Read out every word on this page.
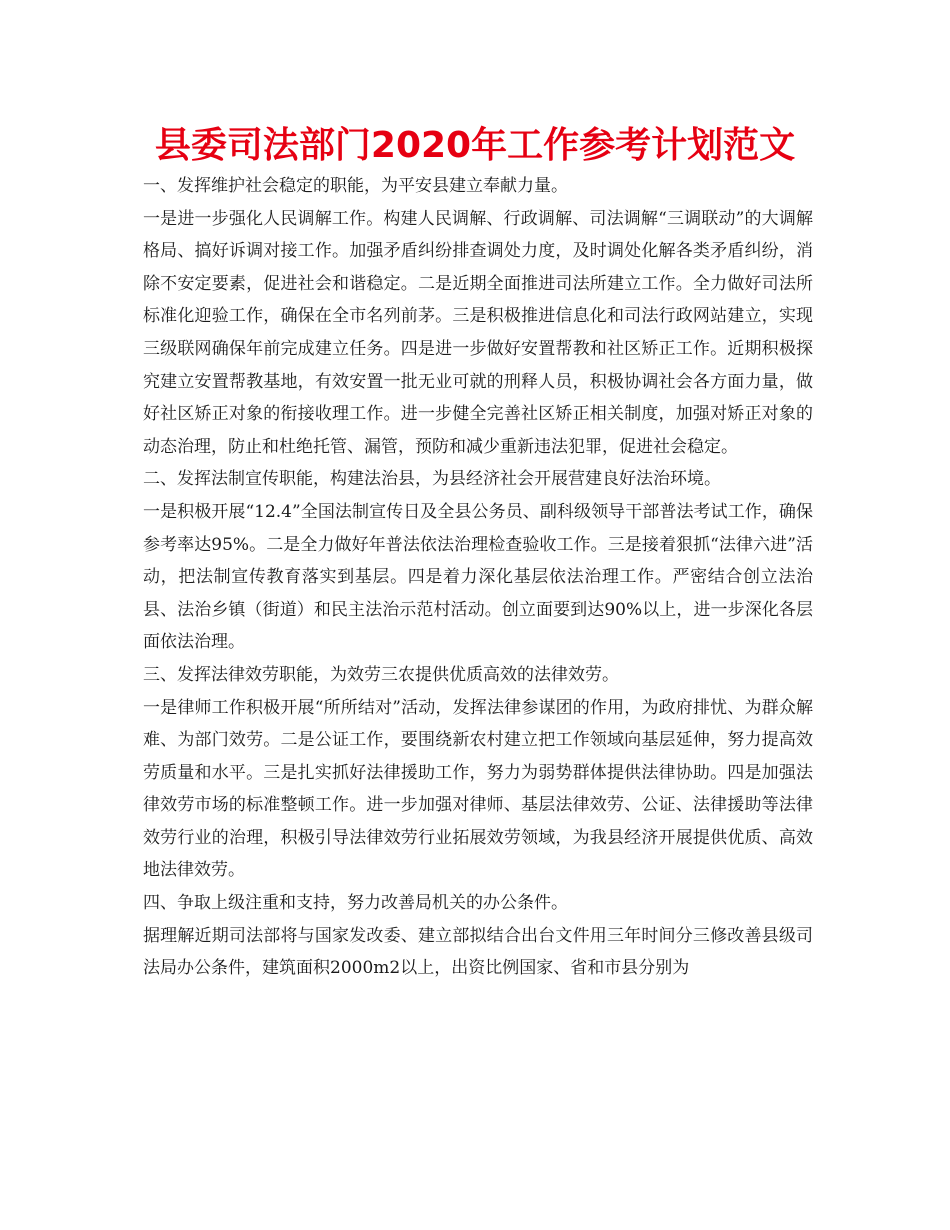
县委司法部门2020年工作参考计划范文

一、发挥维护社会稳定的职能，为平安县建立奉献力量。

一是进一步强化人民调解工作。构建人民调解、行政调解、司法调解“三调联动”的大调解格局、搞好诉调对接工作。加强矛盾纠纷排查调处力度，及时调处化解各类矛盾纠纷，消除不安定要素，促进社会和谐稳定。二是近期全面推进司法所建立工作。全力做好司法所标准化迎验工作，确保在全市名列前茅。三是积极推进信息化和司法行政网站建立，实现三级联网确保年前完成建立任务。四是进一步做好安置帮教和社区矫正工作。近期积极探究建立安置帮教基地，有效安置一批无业可就的刑释人员，积极协调社会各方面力量，做好社区矫正对象的衔接收理工作。进一步健全完善社区矫正相关制度，加强对矫正对象的动态治理，防止和杜绝托管、漏管，预防和减少重新违法犯罪，促进社会稳定。

二、发挥法制宣传职能，构建法治县，为县经济社会开展营建良好法治环境。

一是积极开展“12.4”全国法制宣传日及全县公务员、副科级领导干部普法考试工作，确保参考率达95%。二是全力做好年普法依法治理检查验收工作。三是接着狠抓“法律六进”活动，把法制宣传教育落实到基层。四是着力深化基层依法治理工作。严密结合创立法治县、法治乡镇（街道）和民主法治示范村活动。创立面要到达90%以上，进一步深化各层面依法治理。

三、发挥法律效劳职能，为效劳三农提供优质高效的法律效劳。

一是律师工作积极开展“所所结对”活动，发挥法律参谋团的作用，为政府排忧、为群众解难、为部门效劳。二是公证工作，要围绕新农村建立把工作领域向基层延伸，努力提高效劳质量和水平。三是扎实抓好法律援助工作，努力为弱势群体提供法律协助。四是加强法律效劳市场的标准整顿工作。进一步加强对律师、基层法律效劳、公证、法律援助等法律效劳行业的治理，积极引导法律效劳行业拓展效劳领域，为我县经济开展提供优质、高效地法律效劳。

四、争取上级注重和支持，努力改善局机关的办公条件。

据理解近期司法部将与国家发改委、建立部拟结合出台文件用三年时间分三修改善县级司法局办公条件，建筑面积2000m2以上，出资比例国家、省和市县分别为
